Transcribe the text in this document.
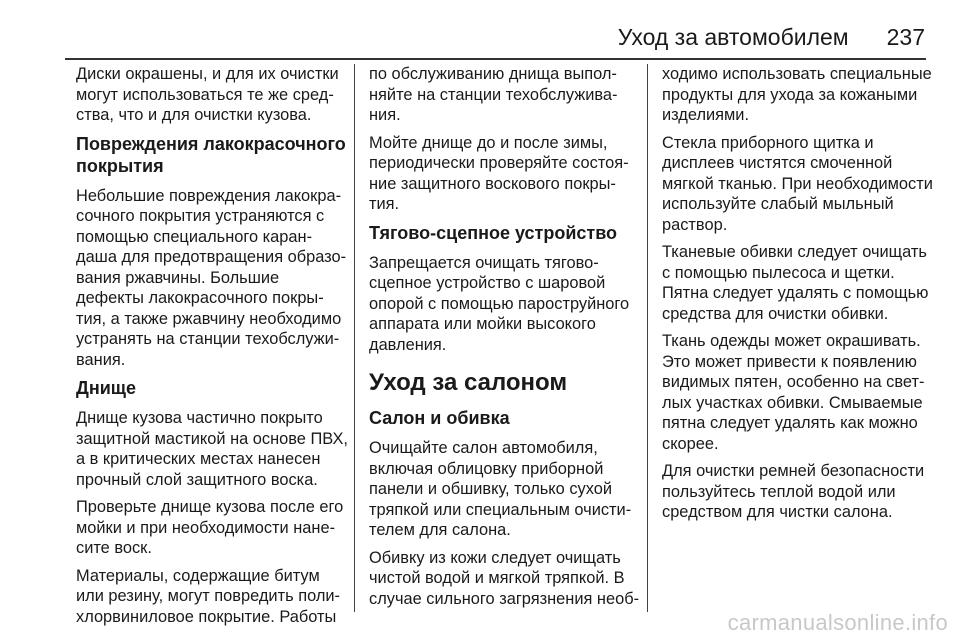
Уход за автомобилем 237

Диски окрашены, и для их очистки
могут использоваться те же сред-
ства, что и для очистки кузова.

Повреждения лакокрасочного
покрытия

Небольшие повреждения лакокра-
сочного покрытия устраняются с
помощью специального каран-
даша для предотвращения образо-
вания ржавчины. Большие
дефекты лакокрасочного покры-
тия, а также ржавчину необходимо
устранять на станции техобслужи-
вания.

Днище

Днище кузова частично покрыто
защитной мастикой на основе ПВХ,
а в критических местах нанесен
прочный слой защитного воска.

Проверьте днище кузова после его
мойки и при необходимости нане-
сите воск.

Материалы, содержащие битум
или резину, могут повредить поли-
хлорвиниловое покрытие. Работы

по обслуживанию днища выпол-
няйте на станции техобслужива-
ния.

Мойте днище до и после зимы,
периодически проверяйте состоя-
ние защитного воскового покры-
тия.

Тягово-сцепное устройство

Запрещается очищать тягово-
сцепное устройство с шаровой
опорой с помощью пароструйного
аппарата или мойки высокого
давления.

Уход за салоном
Салон и обивка

Очищайте салон автомобиля,
включая облицовку приборной
панели и обшивку, только сухой
тряпкой или специальным очисти-
телем для салона.

Обивку из кожи следует очищать
чистой водой и мягкой тряпкой. В
случае сильного загрязнения необ-

ходимо использовать специальные
продукты для ухода за кожаными
изделиями.

Стекла приборного щитка и
дисплеев чистятся смоченной
мягкой тканью. При необходимости
используйте слабый мыльный
раствор.

Тканевые обивки следует очищать
с помощью пылесоса и щетки.
Пятна следует удалять с помощью
средства для очистки обивки.

Ткань одежды может окрашивать.
Это может привести к появлению
видимых пятен, особенно на свет-
лых участках обивки. Смываемые
пятна следует удалять как можно
скорее.

Для очистки ремней безопасности
пользуйтесь теплой водой или
средством для чистки салона.

carmanualsonline.info
